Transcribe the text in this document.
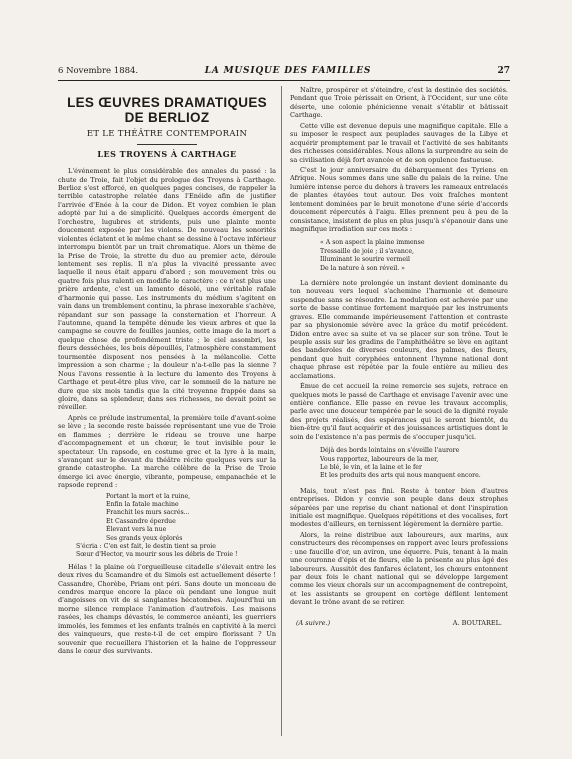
6 Novembre 1884.	LA MUSIQUE DES FAMILLES	27
LES ŒUVRES DRAMATIQUES DE BERLIOZ
ET LE THÉÂTRE CONTEMPORAIN
LES TROYENS À CARTHAGE

L'événement le plus considérable des annales du passé : la chute de Troie, fait l'objet du prologue des Troyens à Carthage. Berlioz s'est efforcé, en quelques pages concises, de rappeler la terrible catastrophe relatée dans l'Enéide afin de justifier l'arrivée d'Enée à la cour de Didon. Et voyez combien le plan adopté par lui a de simplicité. Quelques accords émergent de l'orchestre, lugubres et stridents, puis une plainte monte doucement exposée par les violons. De nouveau les sonorités violentes éclatent et le même chant se dessine à l'octave inférieur interrompu bientôt par un trait chromatique. Alors un thème de la Prise de Troie, la strette du duo au premier acte, déroule lentement ses replis. Il n'a plus la vivacité pressante avec laquelle il nous était apparu d'abord ; son mouvement très ou quatre fois plus ralenti en modifie le caractère : ce n'est plus une prière ardente, c'est un lamento désolé, une véritable rafale d'harmonie qui passe. Les instruments du médium s'agitent en vain dans un tremblement continu, la phrase inexorable s'achève, répandant sur son passage la consternation et l'horreur. A l'automne, quand la tempête dénude les vieux arbres et que la campagne se couvre de feuilles jaunies, cette image de la mort a quelque chose de profondément triste ; le ciel assombri, les fleurs desséchées, les bois dépouillés, l'atmosphère constamment tourmentée disposent nos pensées à la mélancolie. Cette impression a son charme ; la douleur n'a-t-elle pas la sienne ? Nous l'avons ressentie à la lecture du lamento des Troyens à Carthage et peut-être plus vive, car le sommeil de la nature ne dure que six mois tandis que la cité troyenne frappée dans sa gloire, dans sa splendeur, dans ses richesses, ne devait point se réveiller.

Après ce prélude instrumental, la première toile d'avant-scène se lève ; la seconde reste baissée représentant une vue de Troie en flammes ; derrière le rideau se trouve une harpe d'accompagnement et un chœur, le tout invisible pour le spectateur. Un rapsode, en costume grec et la lyre à la main, s'avançant sur le devant du théâtre récite quelques vers sur la grande catastrophe. La marche célèbre de la Prise de Troie émerge ici avec énergie, vibrante, pompeuse, empanachée et le rapsode reprend :

Portant la mort et la ruine,
Enfin la fatale machine
Franchit les murs sacrés...
Et Cassandre éperdue
Élevant vers la nue
Ses grands yeux éplorés
S'écria : C'en est fait, le destin tient sa proie
Sœur d'Hector, va mourir sous les débris de Troie !

Hélas ! la plaine où l'orgueilleuse citadelle s'élevait entre les deux rives du Scamandre et du Simoïs est actuellement déserte ! Cassandre, Chorèbe, Priam ont péri. Sans doute un monceau de cendres marque encore la place où pendant une longue nuit d'angoisses on vit de si sanglantes hécatombes. Aujourd'hui un morne silence remplace l'animation d'autrefois. Les maisons rasées, les champs dévastés, le commerce anéanti, les guerriers immolés, les femmes et les enfants traînés en captivité à la merci des vainqueurs, que reste-t-il de cet empire florissant ? Un souvenir que recueillera l'historien et la haine de l'oppresseur dans le cœur des survivants.

Naître, prospérer et s'éteindre, c'est la destinée des sociétés. Pendant que Troie périssait en Orient, à l'Occident, sur une côte déserte, une colonie phénicienne venait s'établir et bâtissait Carthage.

Cette ville est devenue depuis une magnifique capitale. Elle a su imposer le respect aux peuplades sauvages de la Libye et acquérir promptement par le travail et l'activité de ses habitants des richesses considérables. Nous allons la surprendre au sein de sa civilisation déjà fort avancée et de son opulence fastueuse.

C'est le jour anniversaire du débarquement des Tyriens en Afrique. Nous sommes dans une salle du palais de la reine. Une lumière intense perce du dehors à travers les rameaux entrelacés de plantes étayées tout autour. Des voix fraîches montent lentement dominées par le bruit monotone d'une série d'accords doucement répercutés à l'aigu. Elles prennent peu à peu de la consistance, insistent de plus en plus jusqu'à s'épanouir dans une magnifique irradiation sur ces mots :

« A son aspect la plaine immense
Tressaille de joie ; il s'avance,
Illuminant le sourire vermeil
De la nature à son réveil. »

La dernière note prolongée un instant devient dominante du ton nouveau vers lequel s'achemine l'harmonie et demeure suspendue sans se résoudre. La modulation est achevée par une sorte de basse continue fortement marquée par les instruments graves. Elle commande impérieusement l'attention et contraste par sa physionomie sévère avec la grâce du motif précédent. Didon entre avec sa suite et va se placer sur son trône. Tout le peuple assis sur les gradins de l'amphithéâtre se lève en agitant des banderoles de diverses couleurs, des palmes, des fleurs, pendant que huit coryphées entonnent l'hymne national dont chaque phrase est répétée par la foule entière au milieu des acclamations.

Émue de cet accueil la reine remercie ses sujets, retrace en quelques mots le passé de Carthage et envisage l'avenir avec une entière confiance. Elle passe en revue les travaux accomplis, parle avec une douceur tempérée par le souci de la dignité royale des projets réalisés, des espérances qui le seront bientôt, du bien-être qu'il faut acquérir et des jouissances artistiques dont le soin de l'existence n'a pas permis de s'occuper jusqu'ici.

Déjà des bords lointains on s'éveille l'aurore
Vous rapportez, laboureurs de la mer,
Le blé, le vin, et la laine et le fer
Et les produits des arts qui nous manquent encore.

Mais, tout n'est pas fini. Reste à tenter bien d'autres entreprises. Didon y convie son peuple dans deux strophes séparées par une reprise du chant national et dont l'inspiration initiale est magnifique. Quelques répétitions et des vocalises, fort modestes d'ailleurs, en ternissent légèrement la dernière partie.

Alors, la reine distribue aux laboureurs, aux marins, aux constructeurs des récompenses en rapport avec leurs professions : une faucille d'or, un aviron, une équerre. Puis, tenant à la main une couronne d'épis et de fleurs, elle la présente au plus âgé des laboureurs. Aussitôt des fanfares éclatent, les chœurs entonnent par deux fois le chant national qui se développe largement comme les vieux chorals sur un accompagnement de contrepoint, et les assistants se groupent en cortège défilent lentement devant le trône avant de se retirer.

(A suivre.)	A. BOUTAREL.
